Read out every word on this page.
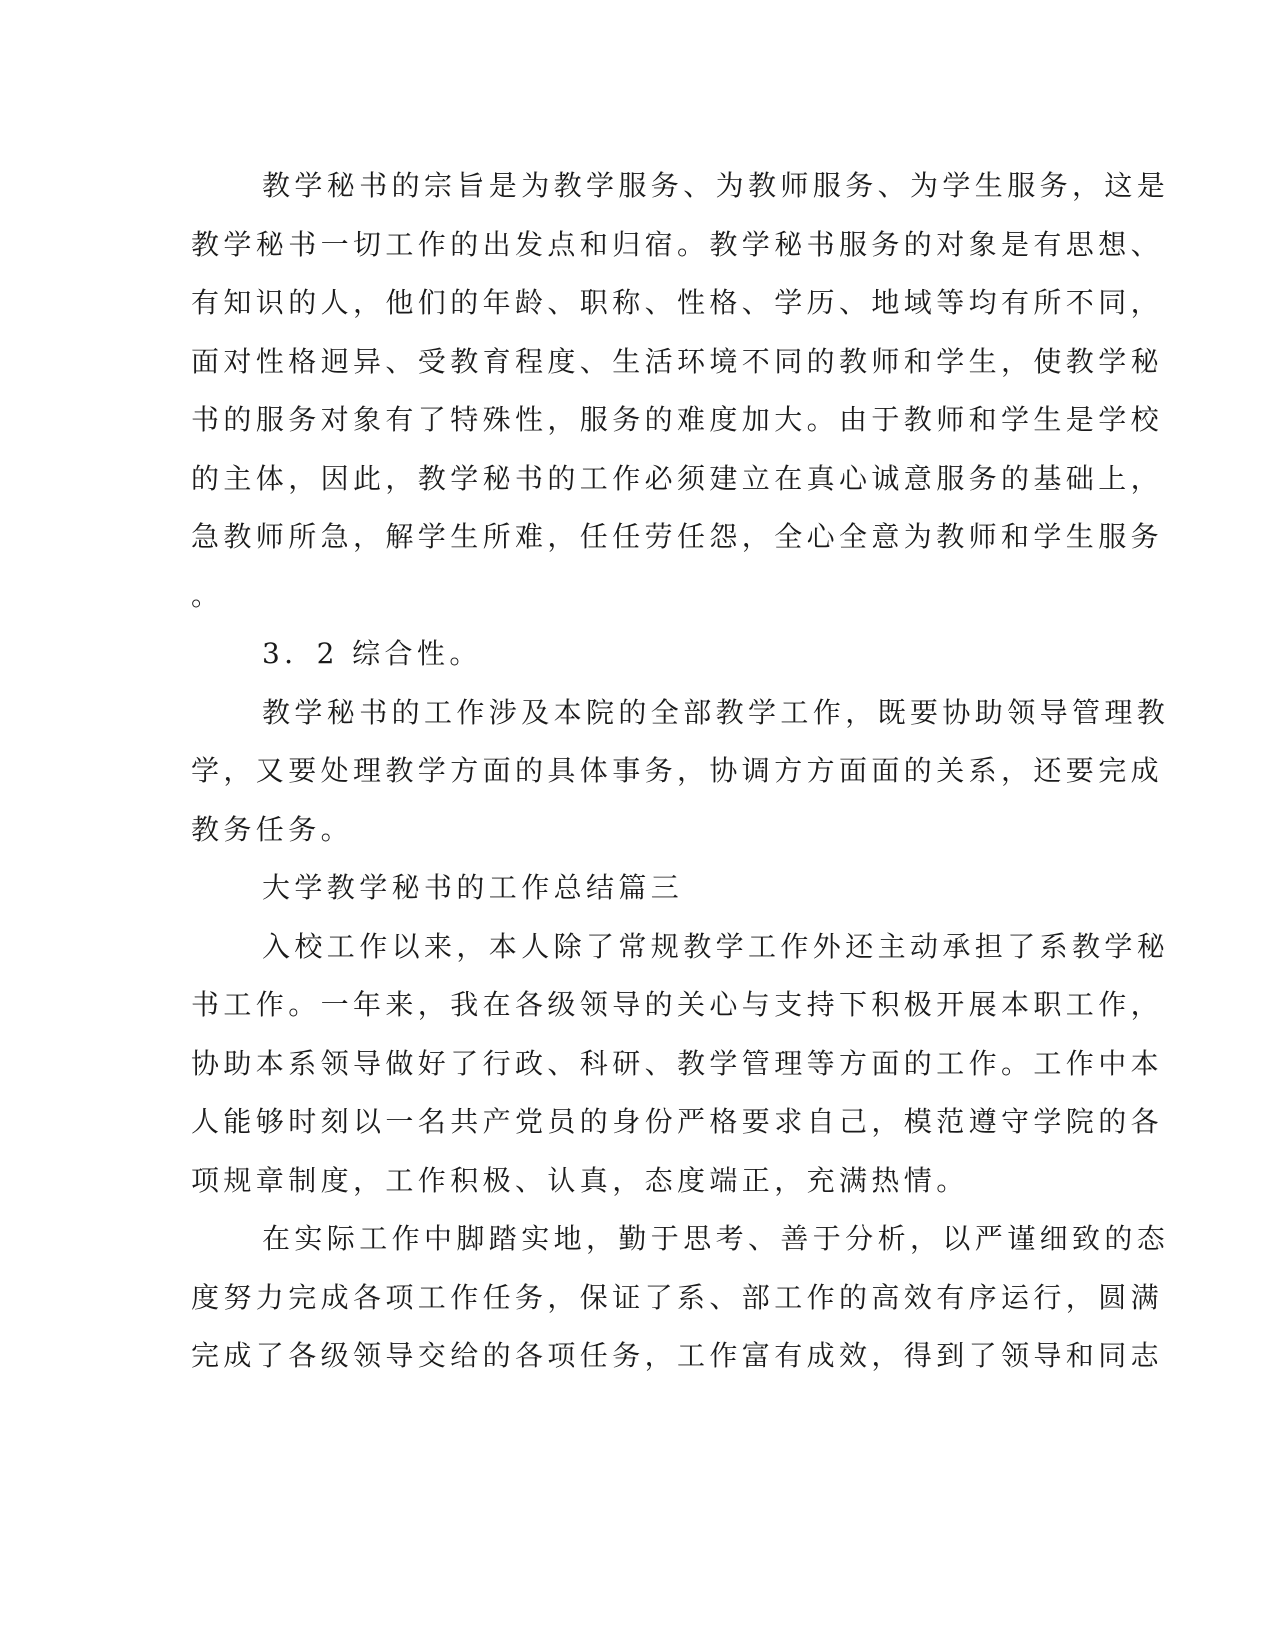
教学秘书的宗旨是为教学服务、为教师服务、为学生服务，这是
教学秘书一切工作的出发点和归宿。教学秘书服务的对象是有思想、
有知识的人，他们的年龄、职称、性格、学历、地域等均有所不同，
面对性格迥异、受教育程度、生活环境不同的教师和学生，使教学秘
书的服务对象有了特殊性，服务的难度加大。由于教师和学生是学校
的主体，因此，教学秘书的工作必须建立在真心诚意服务的基础上，
急教师所急，解学生所难，任任劳任怨，全心全意为教师和学生服务
。
3．2 综合性。
教学秘书的工作涉及本院的全部教学工作，既要协助领导管理教
学，又要处理教学方面的具体事务，协调方方面面的关系，还要完成
教务任务。
大学教学秘书的工作总结篇三
入校工作以来，本人除了常规教学工作外还主动承担了系教学秘
书工作。一年来，我在各级领导的关心与支持下积极开展本职工作，
协助本系领导做好了行政、科研、教学管理等方面的工作。工作中本
人能够时刻以一名共产党员的身份严格要求自己，模范遵守学院的各
项规章制度，工作积极、认真，态度端正，充满热情。
在实际工作中脚踏实地，勤于思考、善于分析，以严谨细致的态
度努力完成各项工作任务，保证了系、部工作的高效有序运行，圆满
完成了各级领导交给的各项任务，工作富有成效，得到了领导和同志
